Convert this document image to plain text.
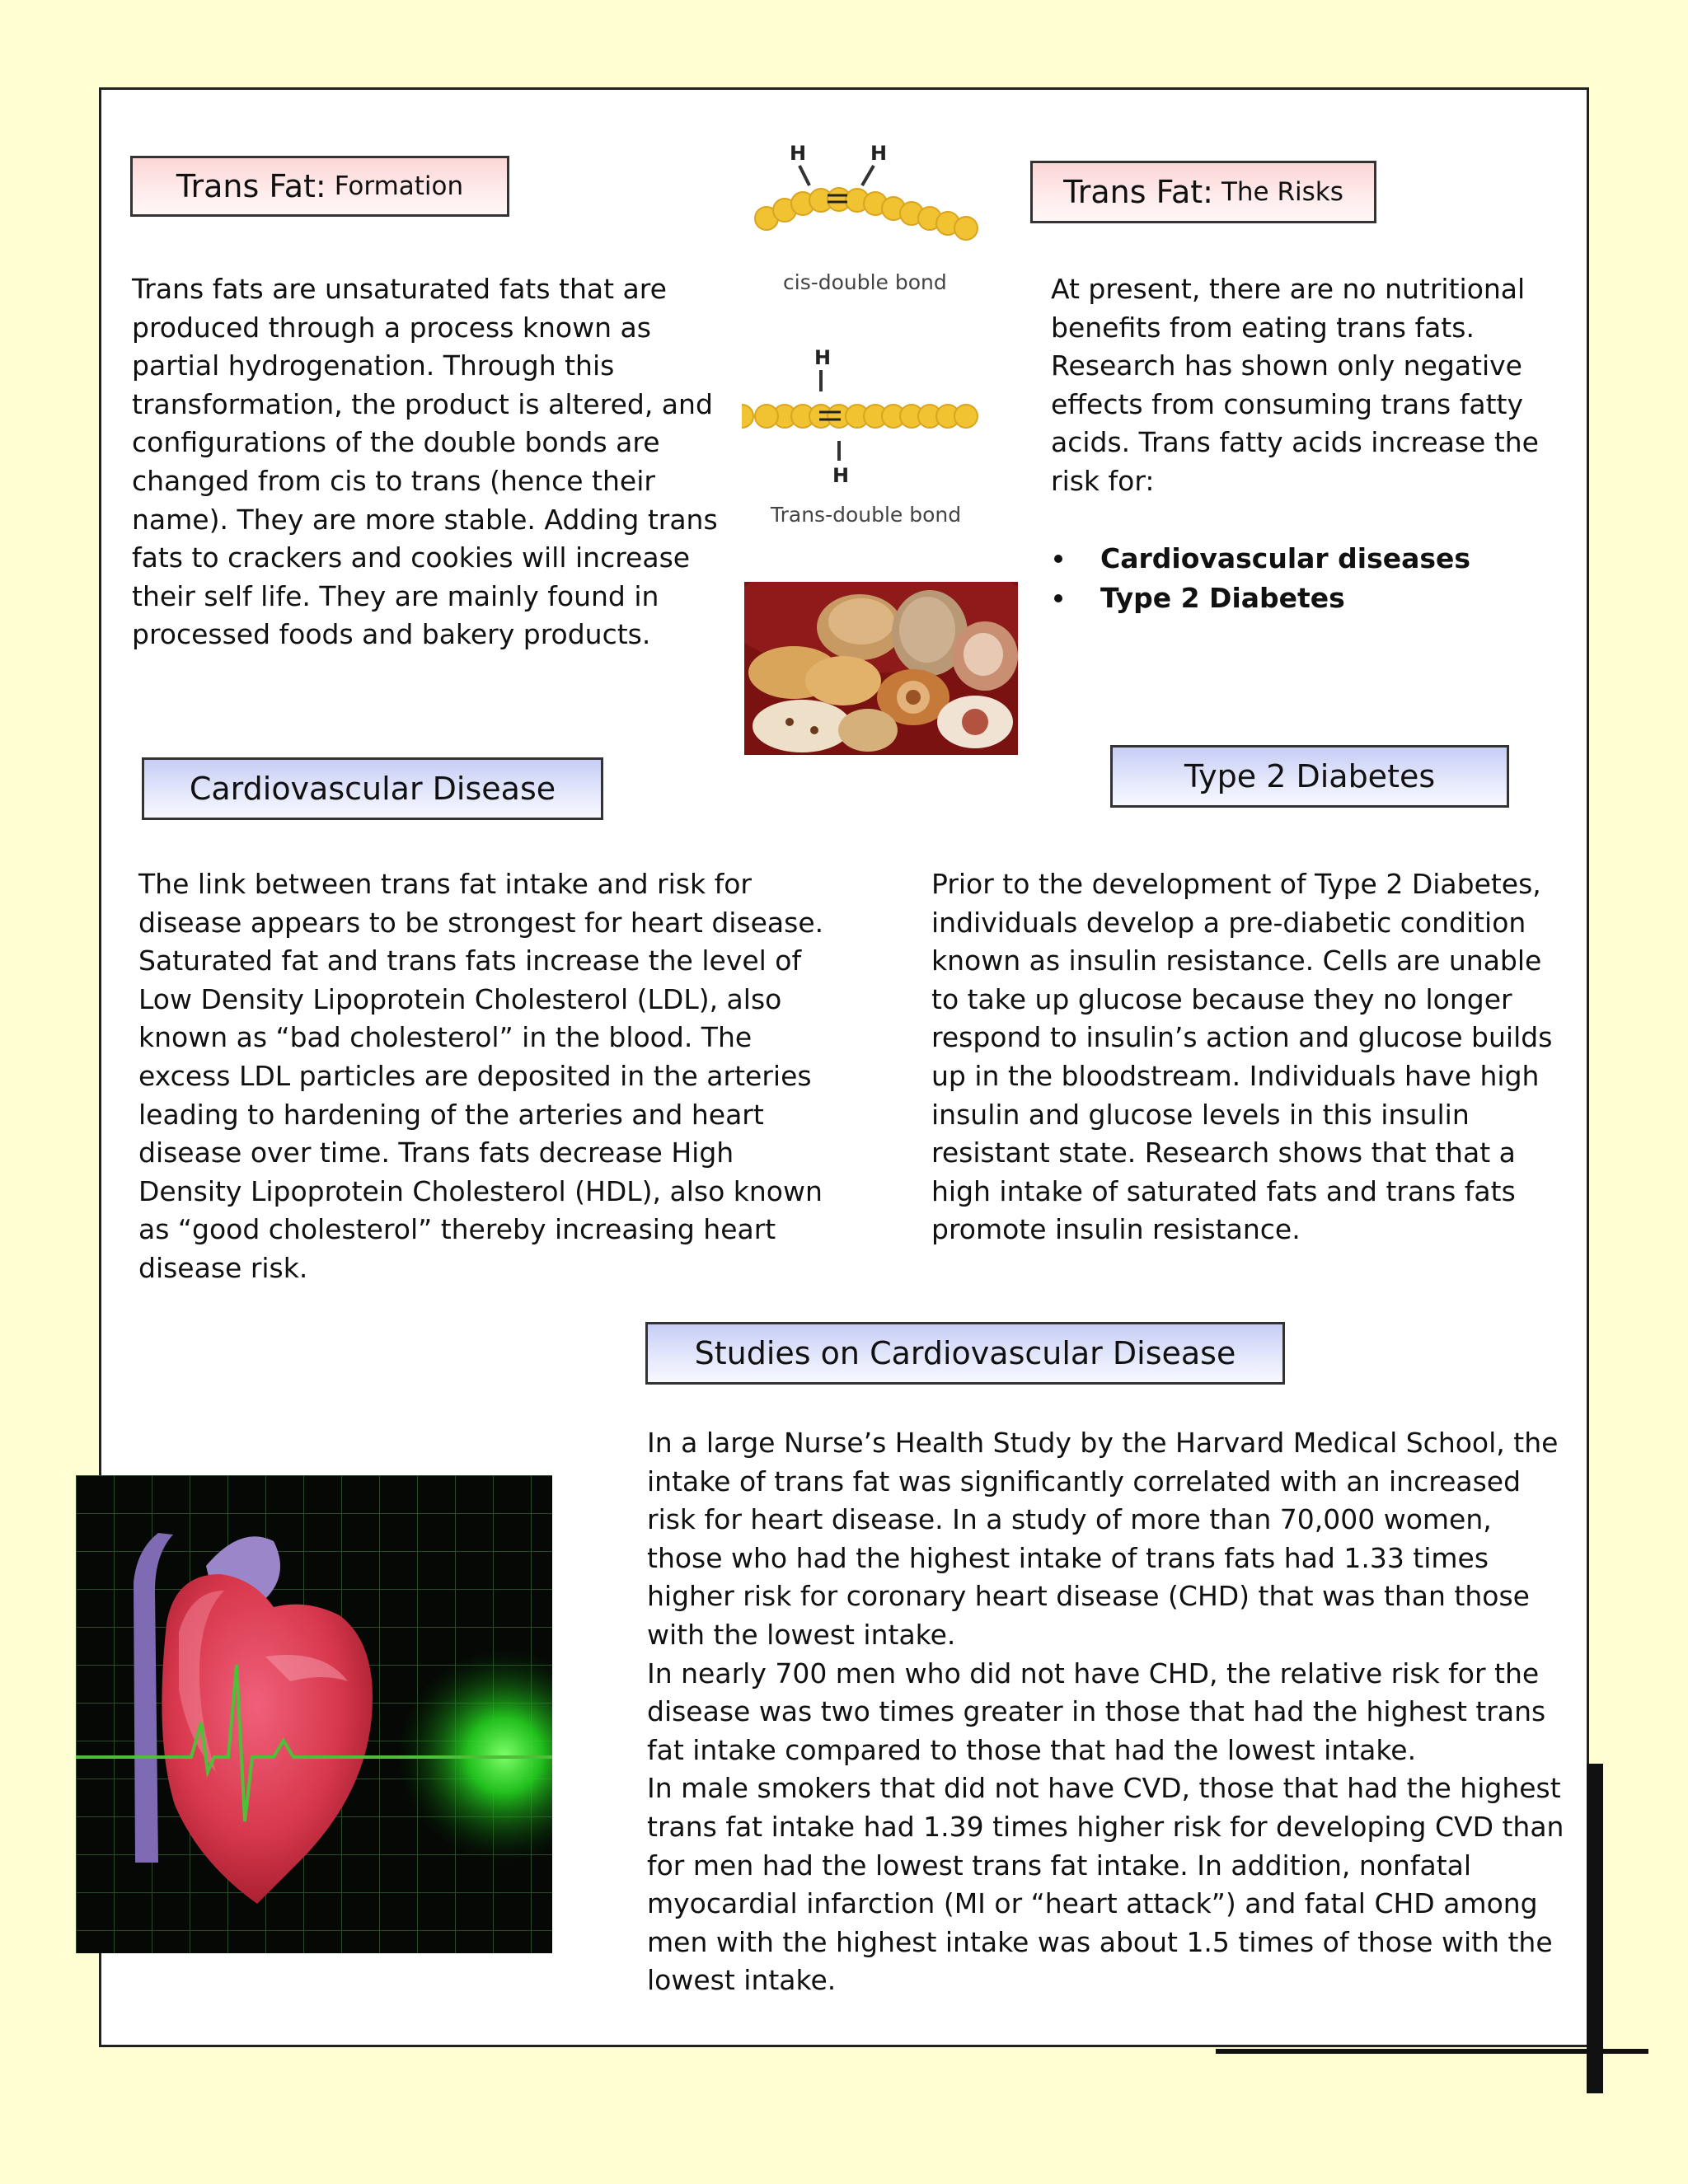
Trans Fat: Formation

Trans fats are unsaturated fats that are produced through a process known as partial hydrogenation. Through this transformation, the product is altered, and configurations of the double bonds are changed from cis to trans (hence their name). They are more stable. Adding trans fats to crackers and cookies will increase their self life. They are mainly found in processed foods and bakery products.

H	H
cis-double bond
H
H
Trans-double bond
Trans Fat: The Risks

At present, there are no nutritional benefits from eating trans fats. Research has shown only negative effects from consuming trans fatty acids. Trans fatty acids increase the risk for:

Cardiovascular diseases
Type 2 Diabetes
Cardiovascular Disease

The link between trans fat intake and risk for disease appears to be strongest for heart disease. Saturated fat and trans fats increase the level of Low Density Lipoprotein Cholesterol (LDL), also known as “bad cholesterol” in the blood. The excess LDL particles are deposited in the arteries leading to hardening of the arteries and heart disease over time. Trans fats decrease High Density Lipoprotein Cholesterol (HDL), also known as “good cholesterol” thereby increasing heart disease risk.

Type 2 Diabetes

Prior to the development of Type 2 Diabetes, individuals develop a pre-diabetic condition known as insulin resistance. Cells are unable to take up glucose because they no longer respond to insulin’s action and glucose builds up in the bloodstream. Individuals have high insulin and glucose levels in this insulin resistant state. Research shows that that a high intake of saturated fats and trans fats promote insulin resistance.

Studies on Cardiovascular Disease

In a large Nurse’s Health Study by the Harvard Medical School, the intake of trans fat was significantly correlated with an increased risk for heart disease. In a study of more than 70,000 women, those who had the highest intake of trans fats had 1.33 times higher risk for coronary heart disease (CHD) that was than those with the lowest intake.
In nearly 700 men who did not have CHD, the relative risk for the disease was two times greater in those that had the highest trans fat intake compared to those that had the lowest intake.
In male smokers that did not have CVD, those that had the highest trans fat intake had 1.39 times higher risk for developing CVD than for men had the lowest trans fat intake. In addition, nonfatal myocardial infarction (MI or “heart attack”) and fatal CHD among men with the highest intake was about 1.5 times of those with the lowest intake.
